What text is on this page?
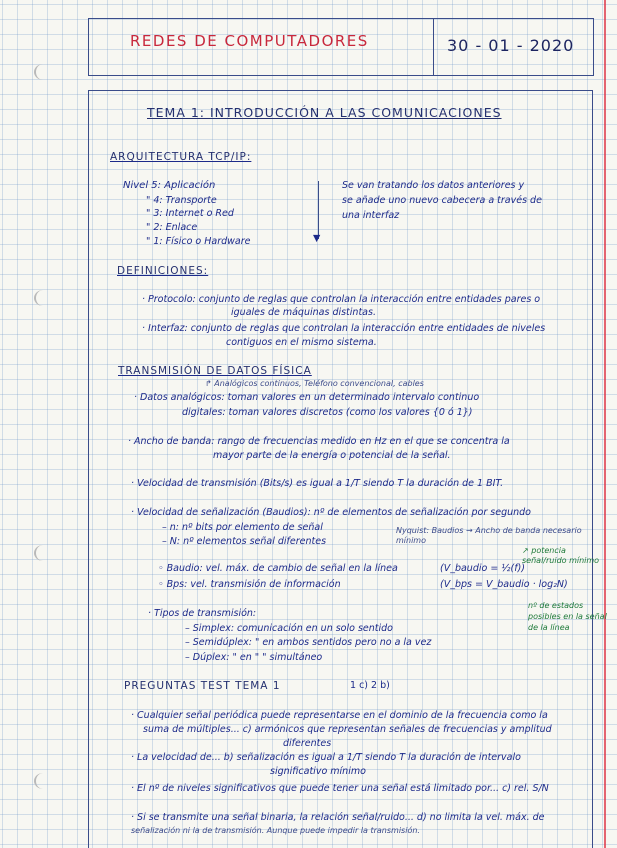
REDES DE COMPUTADORES	30 - 01 - 2020
TEMA 1: INTRODUCCIÓN A LAS COMUNICACIONES
ARQUITECTURA TCP/IP:
Nivel 5: Aplicación
" 4: Transporte
" 3: Internet o Red
" 2: Enlace
" 1: Físico o Hardware	▼
Se van tratando los datos anteriores y
se añade uno nuevo cabecera a través de
una interfaz
DEFINICIONES:
· Protocolo: conjunto de reglas que controlan la interacción entre entidades pares o
iguales de máquinas distintas.
· Interfaz: conjunto de reglas que controlan la interacción entre entidades de niveles
contiguos en el mismo sistema.
TRANSMISIÓN DE DATOS FÍSICA
↱ Analógicos continuos, Teléfono convencional, cables
· Datos analógicos: toman valores en un determinado intervalo continuo
digitales: toman valores discretos (como los valores {0 ó 1})
· Ancho de banda: rango de frecuencias medido en Hz en el que se concentra la
mayor parte de la energía o potencial de la señal.
· Velocidad de transmisión (Bits/s) es igual a 1/T siendo T la duración de 1 BIT.
· Velocidad de señalización (Baudios): nº de elementos de señalización por segundo
– n: nº bits por elemento de señal
– N: nº elementos señal diferentes
Nyquist: Baudios → Ancho de banda necesario mínimo
↗ potencia señal/ruido mínimo
◦ Baudio: vel. máx. de cambio de señal en la línea
◦ Bps: vel. transmisión de información
(V_baudio = ½(f))
(V_bps = V_baudio · log₂N)
nº de estados posibles en la señal de la línea
· Tipos de transmisión:
– Simplex: comunicación en un solo sentido
– Semidúplex: " en ambos sentidos pero no a la vez
– Dúplex: " en " " simultáneo
PREGUNTAS TEST TEMA 1	1 c) 2 b)
· Cualquier señal periódica puede representarse en el dominio de la frecuencia como la
suma de múltiples... c) armónicos que representan señales de frecuencias y amplitud
diferentes
· La velocidad de... b) señalización es igual a 1/T siendo T la duración de intervalo
significativo mínimo
· El nº de niveles significativos que puede tener una señal está limitado por... c) rel. S/N
· Si se transmite una señal binaria, la relación señal/ruido... d) no limita la vel. máx. de
señalización ni la de transmisión. Aunque puede impedir la transmisión.
